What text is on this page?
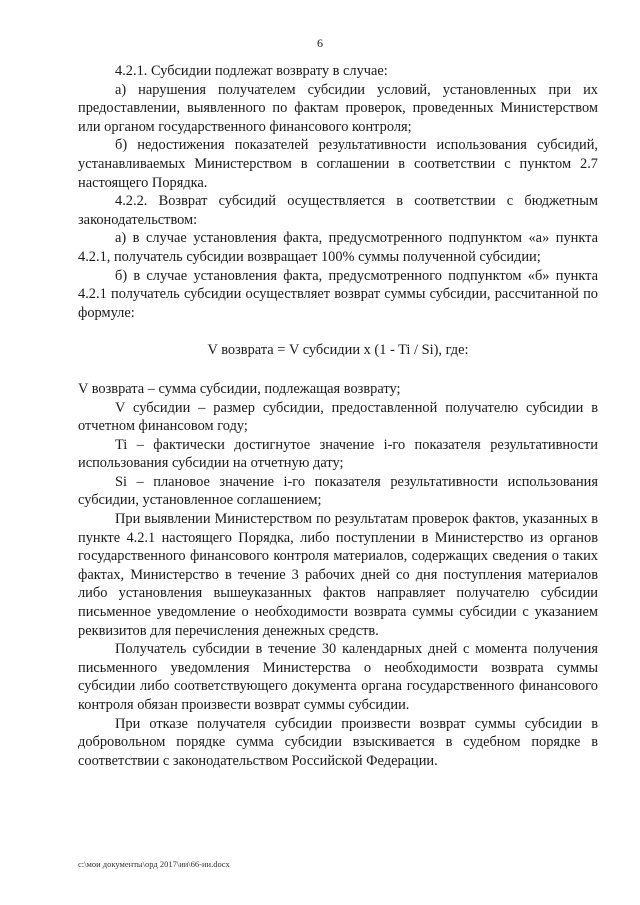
6

4.2.1. Субсидии подлежат возврату в случае:

а) нарушения получателем субсидии условий, установленных при их предоставлении, выявленного по фактам проверок, проведенных Министерством или органом государственного финансового контроля;

б) недостижения показателей результативности использования субсидий, устанавливаемых Министерством в соглашении в соответствии с пунктом 2.7 настоящего Порядка.

4.2.2. Возврат субсидий осуществляется в соответствии с бюджетным законодательством:

а) в случае установления факта, предусмотренного подпунктом «а» пункта 4.2.1, получатель субсидии возвращает 100% суммы полученной субсидии;

б) в случае установления факта, предусмотренного подпунктом «б» пункта 4.2.1 получатель субсидии осуществляет возврат суммы субсидии, рассчитанной по формуле:

V возврата = V субсидии x (1 - Ti / Si), где:

V возврата – сумма субсидии, подлежащая возврату;

V субсидии – размер субсидии, предоставленной получателю субсидии в отчетном финансовом году;

Ti – фактически достигнутое значение i-го показателя результативности использования субсидии на отчетную дату;

Si – плановое значение i-го показателя результативности использования субсидии, установленное соглашением;

При выявлении Министерством по результатам проверок фактов, указанных в пункте 4.2.1 настоящего Порядка, либо поступлении в Министерство из органов государственного финансового контроля материалов, содержащих сведения о таких фактах, Министерство в течение 3 рабочих дней со дня поступления материалов либо установления вышеуказанных фактов направляет получателю субсидии письменное уведомление о необходимости возврата суммы субсидии с указанием реквизитов для перечисления денежных средств.

Получатель субсидии в течение 30 календарных дней с момента получения письменного уведомления Министерства о необходимости возврата суммы субсидии либо соответствующего документа органа государственного финансового контроля обязан произвести возврат суммы субсидии.

При отказе получателя субсидии произвести возврат суммы субсидии в добровольном порядке сумма субсидии взыскивается в судебном порядке в соответствии с законодательством Российской Федерации.

c:\мои документы\орд 2017\ии\66-ии.docx
